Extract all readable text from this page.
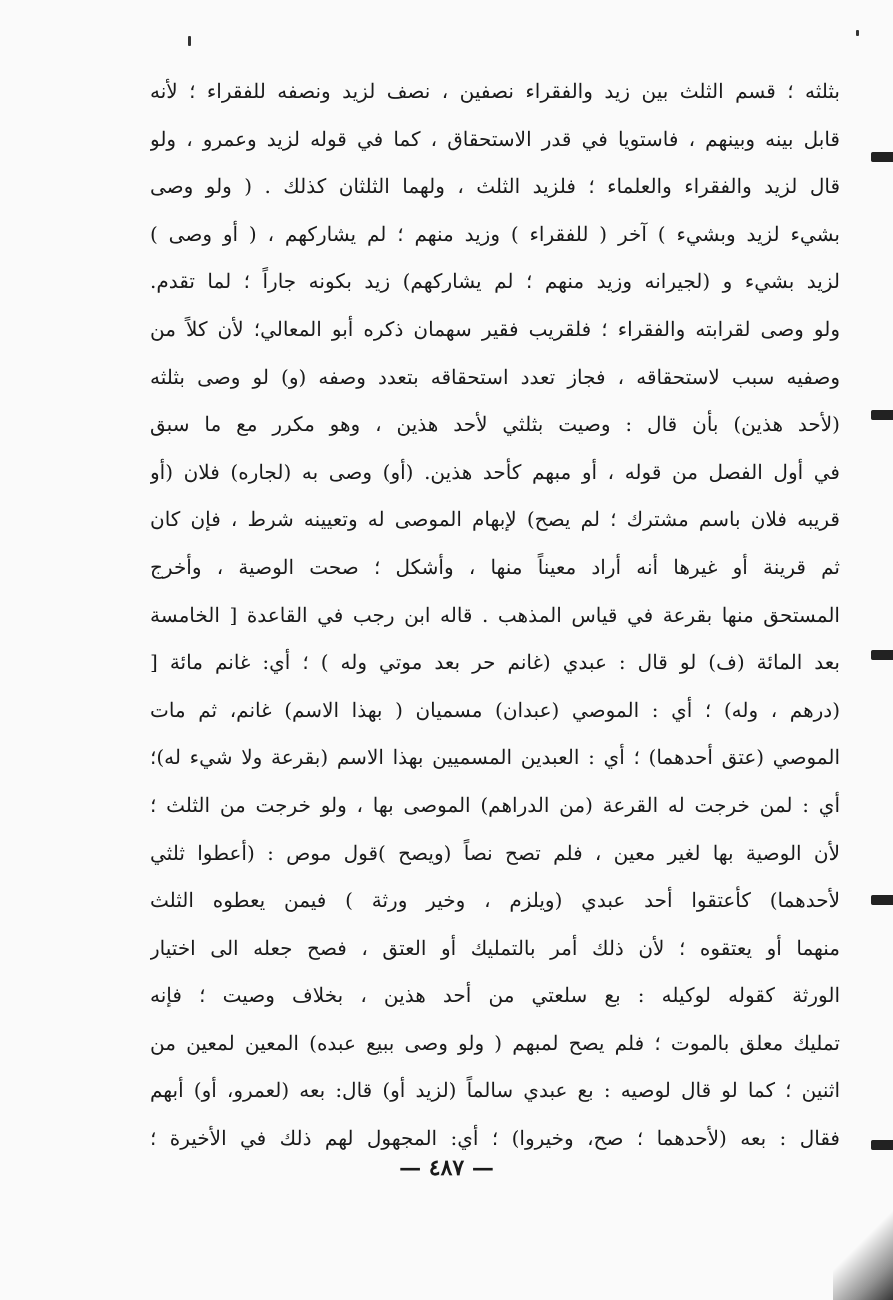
بثلثه ؛ قسم الثلث بين زيد والفقراء نصفين ، نصف لزيد ونصفه للفقراء ؛ لأنه
قابل بينه وبينهم ، فاستويا في قدر الاستحقاق ، كما في قوله لزيد وعمرو ، ولو
قال لزيد والفقراء والعلماء ؛ فلزيد الثلث ، ولهما الثلثان كذلك . ( ولو وصى
بشيء لزيد وبشيء ) آخر ( للفقراء ) وزيد منهم ؛ لم يشاركهم ، ( أو وصى )
لزيد بشيء و (لجيرانه وزيد منهم ؛ لم يشاركهم) زيد بكونه جاراً ؛ لما تقدم.
ولو وصى لقرابته والفقراء ؛ فلقريب فقير سهمان ذكره أبو المعالي؛ لأن كلاً من
وصفيه سبب لاستحقاقه ، فجاز تعدد استحقاقه بتعدد وصفه (و) لو وصى بثلثه
(لأحد هذين) بأن قال : وصيت بثلثي لأحد هذين ، وهو مكرر مع ما سبق
في أول الفصل من قوله ، أو مبهم كأحد هذين. (أو) وصى به (لجاره) فلان (أو
قريبه فلان باسم مشترك ؛ لم يصح) لإبهام الموصى له وتعيينه شرط ، فإن كان
ثم قرينة أو غيرها أنه أراد معيناً منها ، وأشكل ؛ صحت الوصية ، وأخرج
المستحق منها بقرعة في قياس المذهب . قاله ابن رجب في القاعدة [ الخامسة
بعد المائة (ف) لو قال : عبدي (غانم حر بعد موتي وله ) ؛ أي: غانم مائة [
(درهم ، وله) ؛ أي : الموصي (عبدان) مسميان ( بهذا الاسم) غانم، ثم مات
الموصي (عتق أحدهما) ؛ أي : العبدين المسميين بهذا الاسم (بقرعة ولا شيء له)؛
أي : لمن خرجت له القرعة (من الدراهم) الموصى بها ، ولو خرجت من الثلث ؛
لأن الوصية بها لغير معين ، فلم تصح نصاً (ويصح )قول موص : (أعطوا ثلثي
لأحدهما) كأعتقوا أحد عبدي (ويلزم ، وخير ورثة ) فيمن يعطوه الثلث
منهما أو يعتقوه ؛ لأن ذلك أمر بالتمليك أو العتق ، فصح جعله الى اختيار
الورثة كقوله لوكيله : بع سلعتي من أحد هذين ، بخلاف وصيت ؛ فإنه
تمليك معلق بالموت ؛ فلم يصح لمبهم ( ولو وصى ببيع عبده) المعين لمعين من
اثنين ؛ كما لو قال لوصيه : بع عبدي سالماً (لزيد أو) قال: بعه (لعمرو، أو) أبهم
فقال : بعه (لأحدهما ؛ صح، وخيروا) ؛ أي: المجهول لهم ذلك في الأخيرة ؛
— ٤٨٧ —
